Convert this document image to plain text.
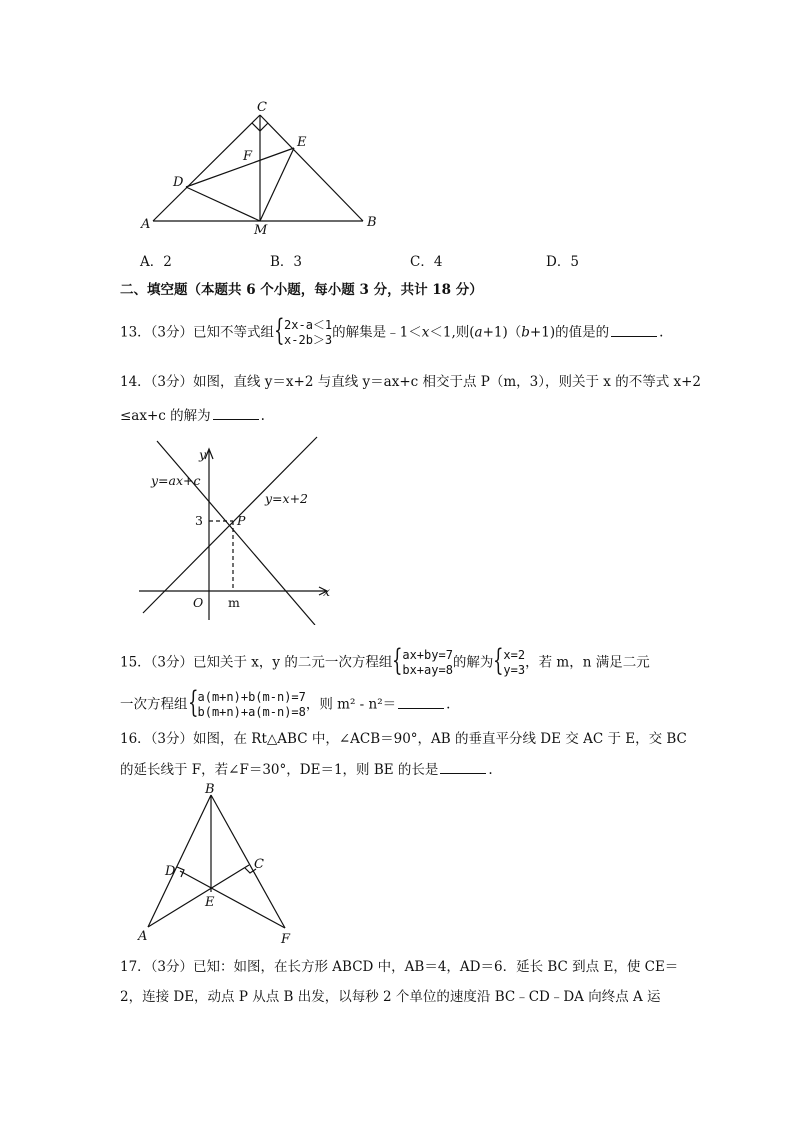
C
E
F
D
A	M
B
A．2	B．3	C．4	D．5
二、填空题（本题共 6 个小题，每小题 3 分，共计 18 分）
13．（3分）已知不等式组 { 2x-a＜1
x-2b＞3 的解集是﹣1＜x＜1,则(a+1)（b+1)的值是的	.
14．（3分）如图，直线 y＝x+2 与直线 y＝ax+c 相交于点 P（m，3），则关于 x 的不等式 x+2
≤ax+c 的解为	.
y
x
O
y=ax+c
y=x+2
3	P
m
15．（3分）已知关于 x，y 的二元一次方程组 { ax+by=7
bx+ay=8 的解为 { x=2
y=3 ，若 m，n 满足二元
一次方程组 { a(m+n)+b(m-n)=7
b(m+n)+a(m-n)=8 ，则 m² - n²＝	.
16．（3分）如图，在 Rt△ABC 中，∠ACB＝90°，AB 的垂直平分线 DE 交 AC 于 E，交 BC
的延长线于 F，若∠F＝30°，DE＝1，则 BE 的长是	.
B
D	C
E
A	F
17．（3分）已知：如图，在长方形 ABCD 中，AB＝4，AD＝6．延长 BC 到点 E，使 CE＝
2，连接 DE，动点 P 从点 B 出发，以每秒 2 个单位的速度沿 BC﹣CD﹣DA 向终点 A 运
